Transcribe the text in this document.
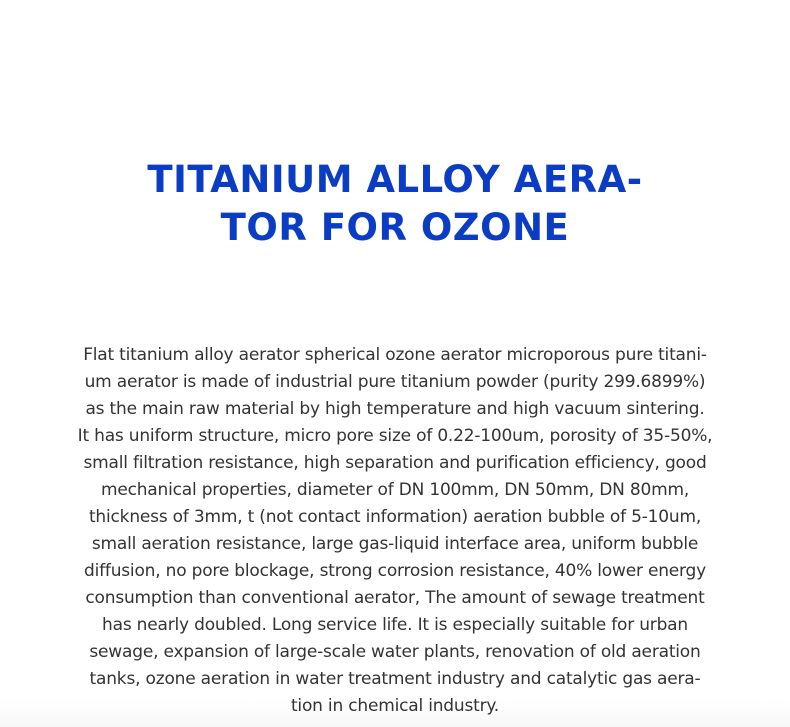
TITANIUM ALLOY AERA-
TOR FOR OZONE
Flat titanium alloy aerator spherical ozone aerator microporous pure titani-
um aerator is made of industrial pure titanium powder (purity 299.6899%)
as the main raw material by high temperature and high vacuum sintering.
It has uniform structure, micro pore size of 0.22-100um, porosity of 35-50%,
small filtration resistance, high separation and purification efficiency, good
mechanical properties, diameter of DN 100mm, DN 50mm, DN 80mm,
thickness of 3mm, t (not contact information) aeration bubble of 5-10um,
small aeration resistance, large gas-liquid interface area, uniform bubble
diffusion, no pore blockage, strong corrosion resistance, 40% lower energy
consumption than conventional aerator, The amount of sewage treatment
has nearly doubled. Long service life. It is especially suitable for urban
sewage, expansion of large-scale water plants, renovation of old aeration
tanks, ozone aeration in water treatment industry and catalytic gas aera-
tion in chemical industry.
